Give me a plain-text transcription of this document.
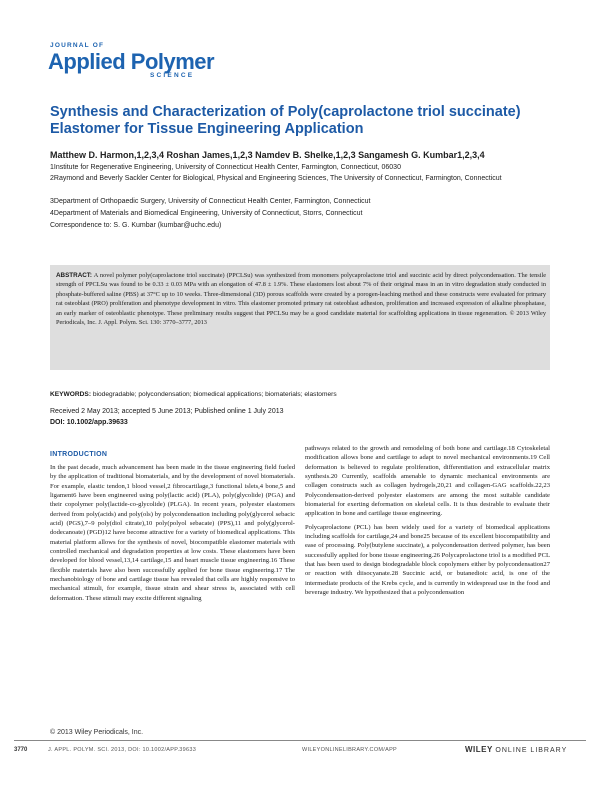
JOURNAL OF
Applied Polymer
SCIENCE
Synthesis and Characterization of Poly(caprolactone triol succinate) Elastomer for Tissue Engineering Application
Matthew D. Harmon,1,2,3,4 Roshan James,1,2,3 Namdev B. Shelke,1,2,3 Sangamesh G. Kumbar1,2,3,4
1Institute for Regenerative Engineering, University of Connecticut Health Center, Farmington, Connecticut, 06030
2Raymond and Beverly Sackler Center for Biological, Physical and Engineering Sciences, The University of Connecticut, Farmington, Connecticut
3Department of Orthopaedic Surgery, University of Connecticut Health Center, Farmington, Connecticut
4Department of Materials and Biomedical Engineering, University of Connecticut, Storrs, Connecticut
Correspondence to: S. G. Kumbar (kumbar@uchc.edu)
ABSTRACT: A novel polymer poly(caprolactone triol succinate) (PPCLSu) was synthesized from monomers polycaprolactone triol and succinic acid by direct polycondensation. The tensile strength of PPCLSu was found to be 0.33 ± 0.03 MPa with an elongation of 47.8 ± 1.9%. These elastomers lost about 7% of their original mass in an in vitro degradation study conducted in phosphate-buffered saline (PBS) at 37°C up to 10 weeks. Three-dimensional (3D) porous scaffolds were created by a porogen-leaching method and these constructs were evaluated for primary rat osteoblast (PRO) proliferation and phenotype development in vitro. This elastomer promoted primary rat osteoblast adhesion, proliferation and increased expression of alkaline phosphatase, an early marker of osteoblastic phenotype. These preliminary results suggest that PPCLSu may be a good candidate material for scaffolding applications in tissue regeneration. © 2013 Wiley Periodicals, Inc. J. Appl. Polym. Sci. 130: 3770–3777, 2013
KEYWORDS: biodegradable; polycondensation; biomedical applications; biomaterials; elastomers
Received 2 May 2013; accepted 5 June 2013; Published online 1 July 2013
DOI: 10.1002/app.39633
INTRODUCTION

In the past decade, much advancement has been made in the tissue engineering field fueled by the application of traditional biomaterials, and by the development of novel biomaterials. For example, elastic tendon,1 blood vessel,2 fibrocartilage,3 functional islets,4 bone,5 and ligament6 have been engineered using poly(lactic acid) (PLA), poly(glycolide) (PGA) and their copolymer poly(lactide-co-glycolide) (PLGA). In recent years, polyester elastomers derived from poly(acids) and poly(ols) by polycondensation including poly(glycerol sebacic acid) (PGS),7–9 poly(diol citrate),10 poly(polyol sebacate) (PPS),11 and poly(glycerol-dodecanoate) (PGD)12 have become attractive for a variety of biomedical applications. This material platform allows for the synthesis of novel, biocompatible elastomer materials with controlled mechanical and degradation properties at low costs. These elastomers have been developed for blood vessel,13,14 cartilage,15 and heart muscle tissue engineering.16 These flexible materials have also been successfully applied for bone tissue engineering.17 The mechanobiology of bone and cartilage tissue has revealed that cells are highly responsive to mechanical stimuli, for example, tissue strain and shear stress is, associated with cell deformation. These stimuli may excite different signaling

pathways related to the growth and remodeling of both bone and cartilage.18 Cytoskeletal modification allows bone and cartilage to adapt to novel mechanical environments.19 Cell deformation is believed to regulate proliferation, differentiation and extracellular matrix synthesis.20 Currently, scaffolds amenable to dynamic mechanical environments are collagen constructs such as collagen hydrogels,20,21 and collagen-GAG scaffolds.22,23 Polycondensation-derived polyester elastomers are among the most suitable candidate biomaterial for exerting deformation on skeletal cells. It is thus desirable to evaluate their application in bone and cartilage tissue engineering.

Polycaprolactone (PCL) has been widely used for a variety of biomedical applications including scaffolds for cartilage,24 and bone25 because of its excellent biocompatibility and ease of processing. Poly(butylene succinate), a polycondensation derived polymer, has been successfully applied for bone tissue engineering.26 Polycaprolactone triol is a modified PCL that has been used to design biodegradable block copolymers either by polycondensation27 or reaction with diisocyanate.28 Succinic acid, or butanedioic acid, is one of the intermediate products of the Krebs cycle, and is currently in widespread use in the food and beverage industry. We hypothesized that a polycondensation

© 2013 Wiley Periodicals, Inc.
3770	J. APPL. POLYM. SCI. 2013, DOI: 10.1002/APP.39633	WILEYONLINELIBRARY.COM/APP	WILEY ONLINE LIBRARY
